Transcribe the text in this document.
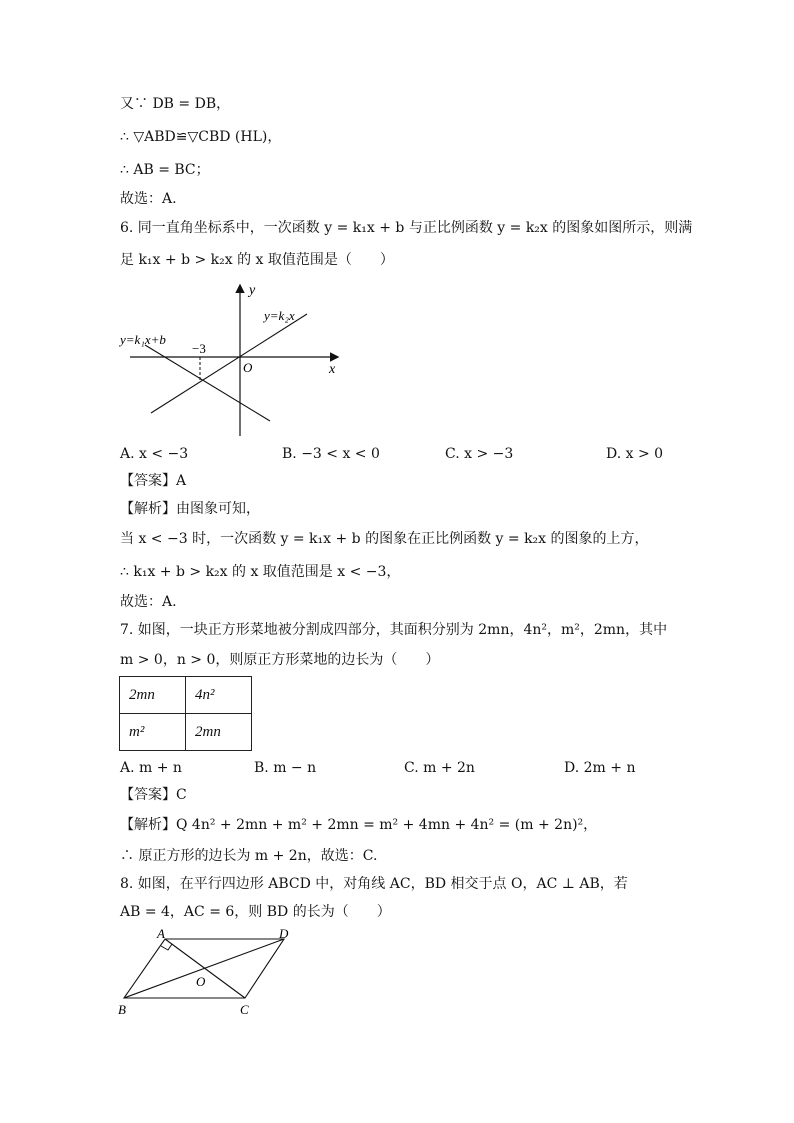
又∵ DB = DB，
∴ ▽ABD≌▽CBD (HL)，
∴ AB = BC；
故选：A.
6. 同一直角坐标系中，一次函数 y = k₁x + b 与正比例函数 y = k₂x 的图象如图所示，则满
足 k₁x + b > k₂x 的 x 取值范围是（　　）
y
x
O
y=k₂x
y=k₁x+b
−3
A. x < −3	B. −3 < x < 0	C. x > −3	D. x > 0
【答案】A
【解析】由图象可知，
当 x < −3 时，一次函数 y = k₁x + b 的图象在正比例函数 y = k₂x 的图象的上方，
∴ k₁x + b > k₂x 的 x 取值范围是 x < −3，
故选：A.
7. 如图，一块正方形菜地被分割成四部分，其面积分别为 2mn，4n²，m²，2mn，其中
m > 0，n > 0，则原正方形菜地的边长为（　　）
2mn	4n²
m²	2mn
A. m + n	B. m − n	C. m + 2n	D. 2m + n
【答案】C
【解析】Q 4n² + 2mn + m² + 2mn = m² + 4mn + 4n² = (m + 2n)²，
∴ 原正方形的边长为 m + 2n，故选：C.
8. 如图，在平行四边形 ABCD 中，对角线 AC，BD 相交于点 O，AC ⊥ AB，若
AB = 4，AC = 6，则 BD 的长为（　　）
A	D
B	C
O
